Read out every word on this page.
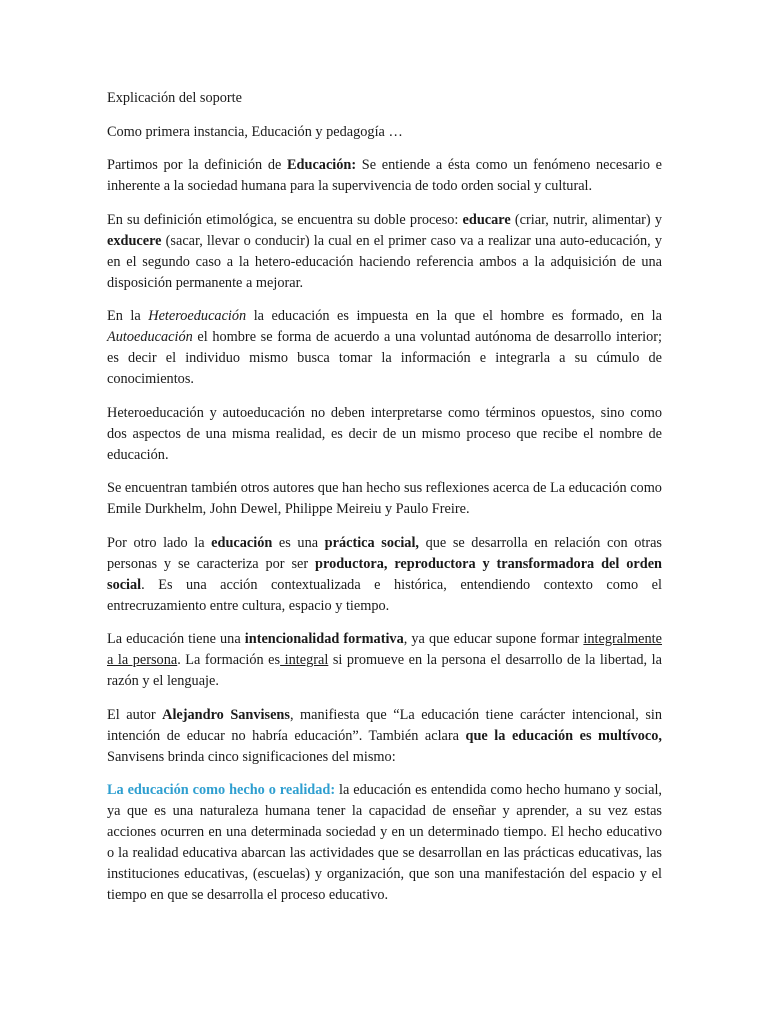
Explicación del soporte

Como primera instancia, Educación y pedagogía …

Partimos por la definición de Educación: Se entiende a ésta como un fenómeno necesario e inherente a la sociedad humana para la supervivencia de todo orden social y cultural.

En su definición etimológica, se encuentra su doble proceso: educare (criar, nutrir, alimentar) y exducere (sacar, llevar o conducir) la cual en el primer caso va a realizar una auto-educación, y en el segundo caso a la hetero-educación haciendo referencia ambos a la adquisición de una disposición permanente a mejorar.

En la Heteroeducación la educación es impuesta en la que el hombre es formado, en la Autoeducación el hombre se forma de acuerdo a una voluntad autónoma de desarrollo interior; es decir el individuo mismo busca tomar la información e integrarla a su cúmulo de conocimientos.

Heteroeducación y autoeducación no deben interpretarse como términos opuestos, sino como dos aspectos de una misma realidad, es decir de un mismo proceso que recibe el nombre de educación.

Se encuentran también otros autores que han hecho sus reflexiones acerca de La educación como Emile Durkhelm, John Dewel, Philippe Meireiu y Paulo Freire.

Por otro lado la educación es una práctica social, que se desarrolla en relación con otras personas y se caracteriza por ser productora, reproductora y transformadora del orden social. Es una acción contextualizada e histórica, entendiendo contexto como el entrecruzamiento entre cultura, espacio y tiempo.

La educación tiene una intencionalidad formativa, ya que educar supone formar integralmente a la persona. La formación es integral si promueve en la persona el desarrollo de la libertad, la razón y el lenguaje.

El autor Alejandro Sanvisens, manifiesta que “La educación tiene carácter intencional, sin intención de educar no habría educación”. También aclara que la educación es multívoco, Sanvisens brinda cinco significaciones del mismo:

La educación como hecho o realidad: la educación es entendida como hecho humano y social, ya que es una naturaleza humana tener la capacidad de enseñar y aprender, a su vez estas acciones ocurren en una determinada sociedad y en un determinado tiempo. El hecho educativo o la realidad educativa abarcan las actividades que se desarrollan en las prácticas educativas, las instituciones educativas, (escuelas) y organización, que son una manifestación del espacio y el tiempo en que se desarrolla el proceso educativo.
